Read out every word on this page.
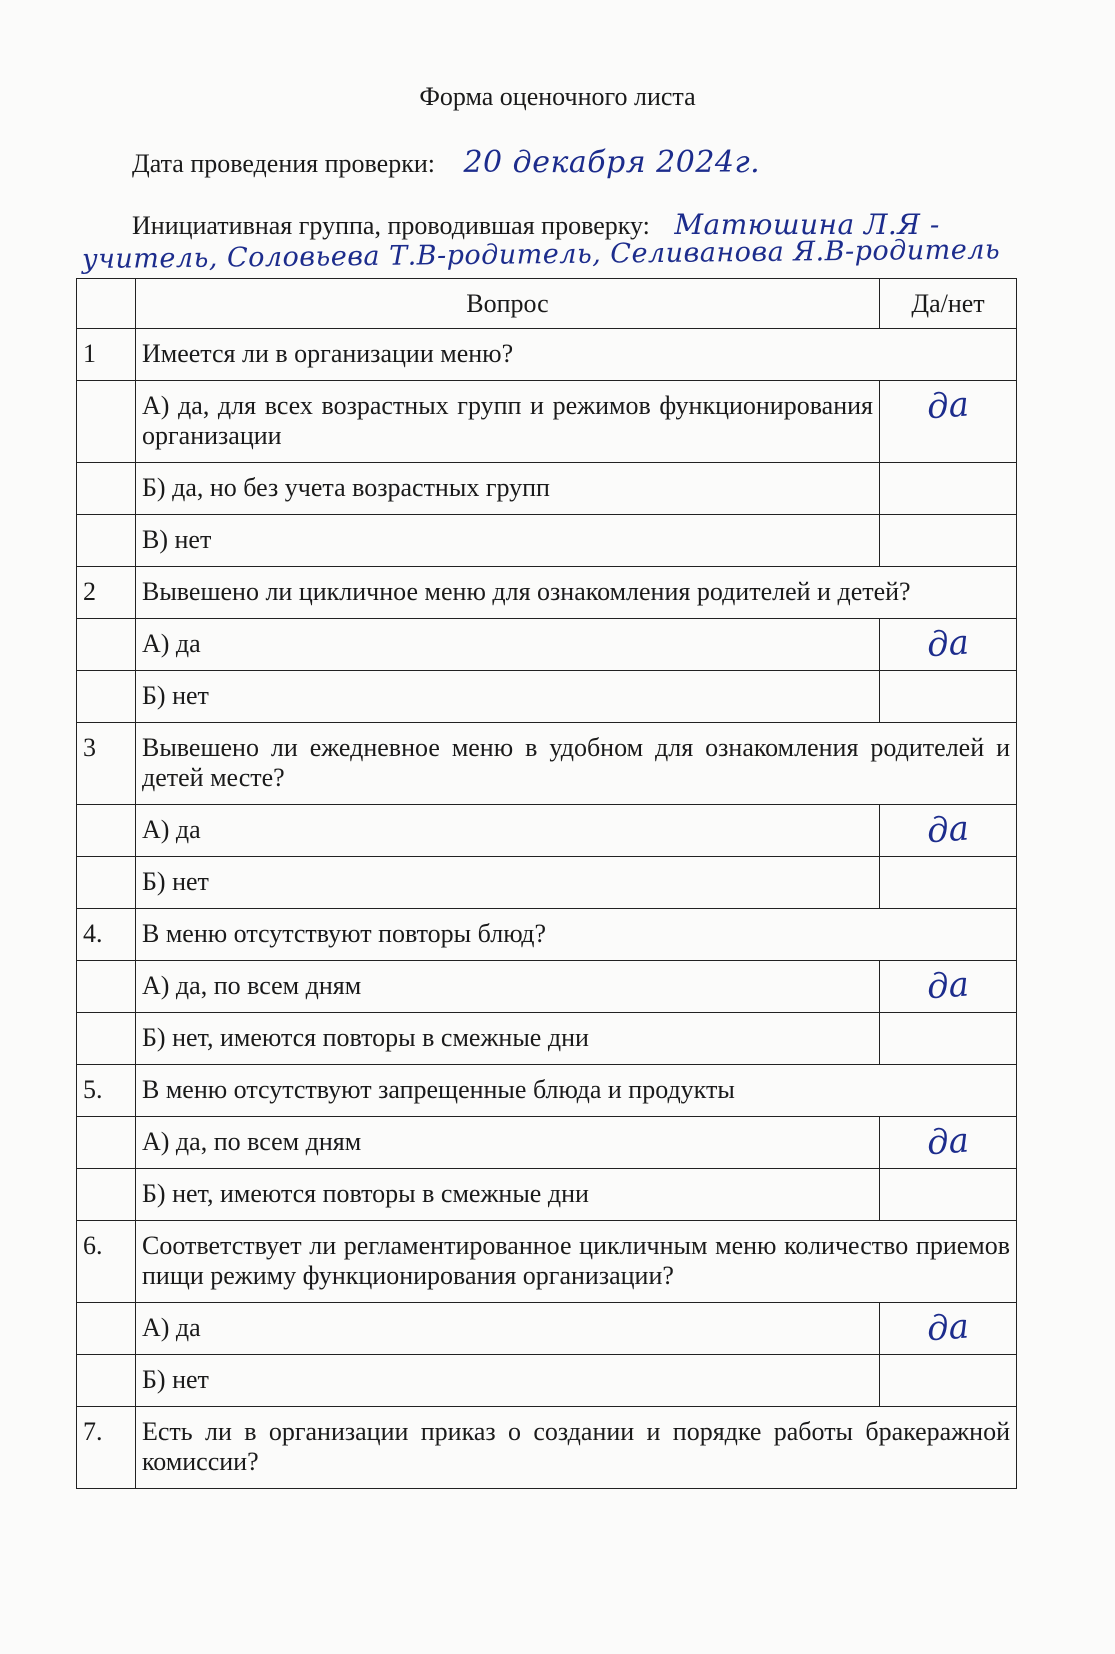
Форма оценочного листа
Дата проведения проверки: 20 декабря 2024г.
Инициативная группа, проводившая проверку: Матюшина Л.Я -
учитель, Соловьева Т.В-родитель, Селиванова Я.В-родитель
	Вопрос	Да/нет
1	Имеется ли в организации меню?	
	А) да, для всех возрастных групп и режимов функционирования организации	да
	Б) да, но без учета возрастных групп	
	В) нет	
2	Вывешено ли цикличное меню для ознакомления родителей и детей?	
	А) да	да
	Б) нет	
3	Вывешено ли ежедневное меню в удобном для ознакомления родителей и детей месте?	
	А) да	да
	Б) нет	
4.	В меню отсутствуют повторы блюд?	
	А) да, по всем дням	да
	Б) нет, имеются повторы в смежные дни	
5.	В меню отсутствуют запрещенные блюда и продукты	
	А) да, по всем дням	да
	Б) нет, имеются повторы в смежные дни	
6.	Соответствует ли регламентированное цикличным меню количество приемов пищи режиму функционирования организации?	
	А) да	да
	Б) нет	
7.	Есть ли в организации приказ о создании и порядке работы бракеражной комиссии?	
